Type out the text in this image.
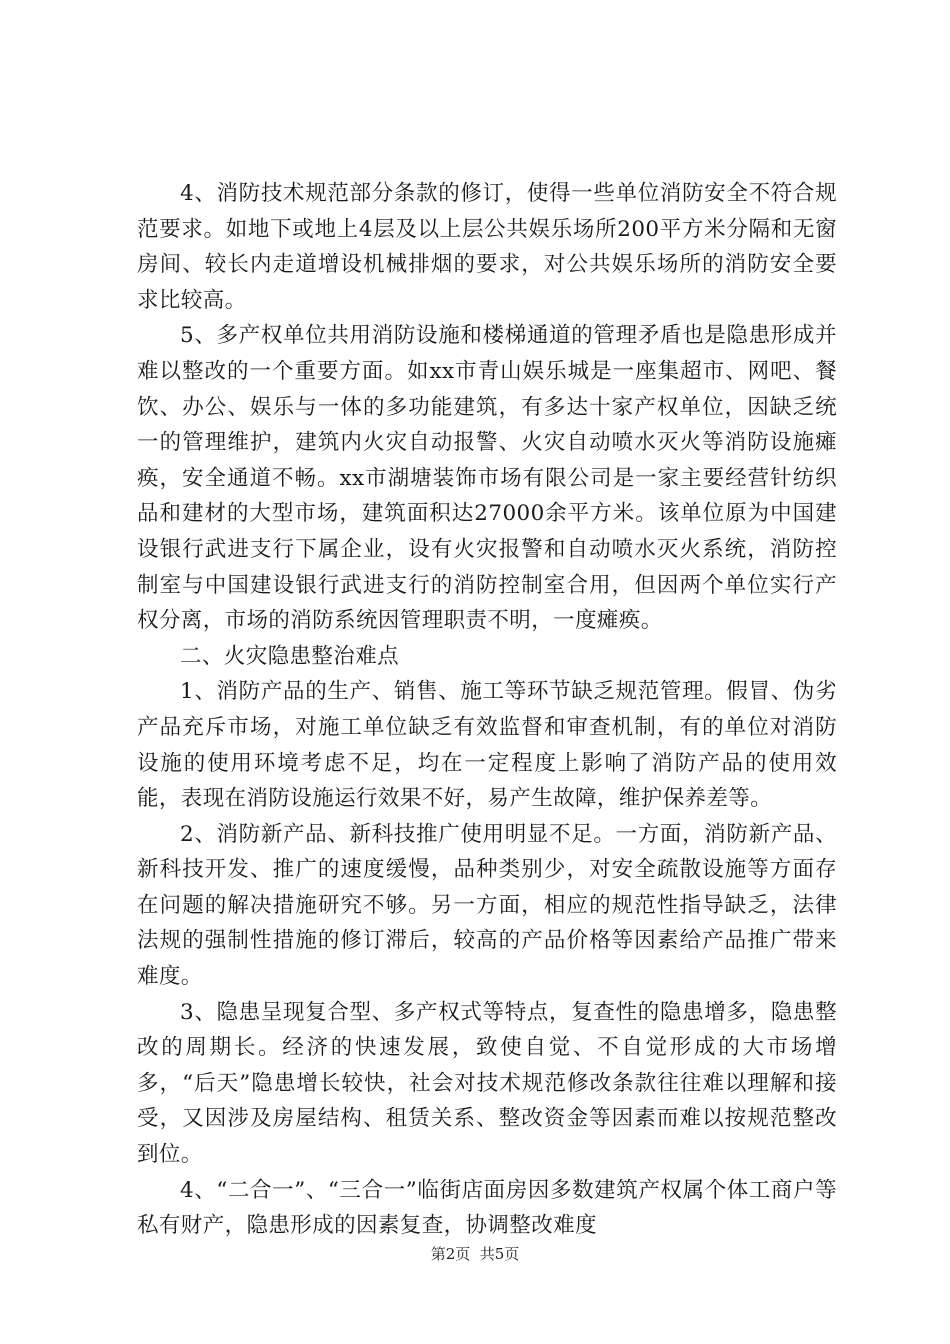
4、消防技术规范部分条款的修订，使得一些单位消防安全不符合规范要求。如地下或地上4层及以上层公共娱乐场所200平方米分隔和无窗房间、较长内走道增设机械排烟的要求，对公共娱乐场所的消防安全要求比较高。

5、多产权单位共用消防设施和楼梯通道的管理矛盾也是隐患形成并难以整改的一个重要方面。如xx市青山娱乐城是一座集超市、网吧、餐饮、办公、娱乐与一体的多功能建筑，有多达十家产权单位，因缺乏统一的管理维护，建筑内火灾自动报警、火灾自动喷水灭火等消防设施瘫痪，安全通道不畅。xx市湖塘装饰市场有限公司是一家主要经营针纺织品和建材的大型市场，建筑面积达27000余平方米。该单位原为中国建设银行武进支行下属企业，设有火灾报警和自动喷水灭火系统，消防控制室与中国建设银行武进支行的消防控制室合用，但因两个单位实行产权分离，市场的消防系统因管理职责不明，一度瘫痪。

二、火灾隐患整治难点

1、消防产品的生产、销售、施工等环节缺乏规范管理。假冒、伪劣产品充斥市场，对施工单位缺乏有效监督和审查机制，有的单位对消防设施的使用环境考虑不足，均在一定程度上影响了消防产品的使用效能，表现在消防设施运行效果不好，易产生故障，维护保养差等。

2、消防新产品、新科技推广使用明显不足。一方面，消防新产品、新科技开发、推广的速度缓慢，品种类别少，对安全疏散设施等方面存在问题的解决措施研究不够。另一方面，相应的规范性指导缺乏，法律法规的强制性措施的修订滞后，较高的产品价格等因素给产品推广带来难度。

3、隐患呈现复合型、多产权式等特点，复查性的隐患增多，隐患整改的周期长。经济的快速发展，致使自觉、不自觉形成的大市场增多，“后天”隐患增长较快，社会对技术规范修改条款往往难以理解和接受，又因涉及房屋结构、租赁关系、整改资金等因素而难以按规范整改到位。

4、“二合一”、“三合一”临街店面房因多数建筑产权属个体工商户等私有财产，隐患形成的因素复查，协调整改难度

第2页  共5页
